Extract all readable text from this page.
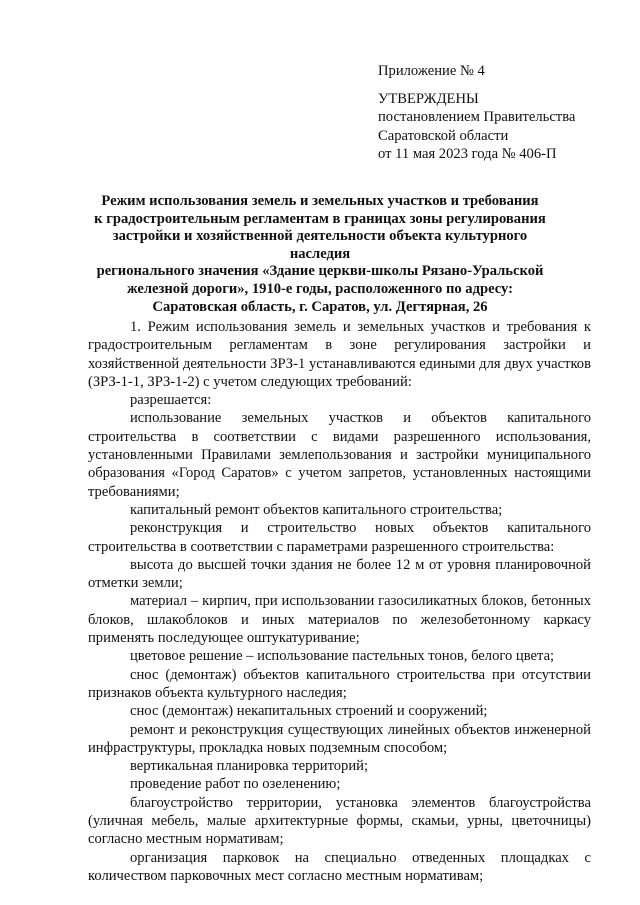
Приложение № 4
УТВЕРЖДЕНЫ
постановлением Правительства
Саратовской области
от 11 мая 2023 года № 406-П
Режим использования земель и земельных участков и требования
к градостроительным регламентам в границах зоны регулирования
застройки и хозяйственной деятельности объекта культурного наследия
регионального значения «Здание церкви-школы Рязано-Уральской
железной дороги», 1910-е годы, расположенного по адресу:
Саратовская область, г. Саратов, ул. Дегтярная, 26

1. Режим использования земель и земельных участков и требования к градостроительным регламентам в зоне регулирования застройки и хозяйственной деятельности ЗРЗ-1 устанавливаются едиными для двух участков (ЗРЗ-1-1, ЗРЗ-1-2) с учетом следующих требований:

разрешается:

использование земельных участков и объектов капитального строительства в соответствии с видами разрешенного использования, установленными Правилами землепользования и застройки муниципального образования «Город Саратов» с учетом запретов, установленных настоящими требованиями;

капитальный ремонт объектов капитального строительства;

реконструкция и строительство новых объектов капитального строительства в соответствии с параметрами разрешенного строительства:

высота до высшей точки здания не более 12 м от уровня планировочной отметки земли;

материал – кирпич, при использовании газосиликатных блоков, бетонных блоков, шлакоблоков и иных материалов по железобетонному каркасу применять последующее оштукатуривание;

цветовое решение – использование пастельных тонов, белого цвета;

снос (демонтаж) объектов капитального строительства при отсутствии признаков объекта культурного наследия;

снос (демонтаж) некапитальных строений и сооружений;

ремонт и реконструкция существующих линейных объектов инженерной инфраструктуры, прокладка новых подземным способом;

вертикальная планировка территорий;

проведение работ по озеленению;

благоустройство территории, установка элементов благоустройства (уличная мебель, малые архитектурные формы, скамьи, урны, цветочницы) согласно местным нормативам;

организация парковок на специально отведенных площадках с количеством парковочных мест согласно местным нормативам;
